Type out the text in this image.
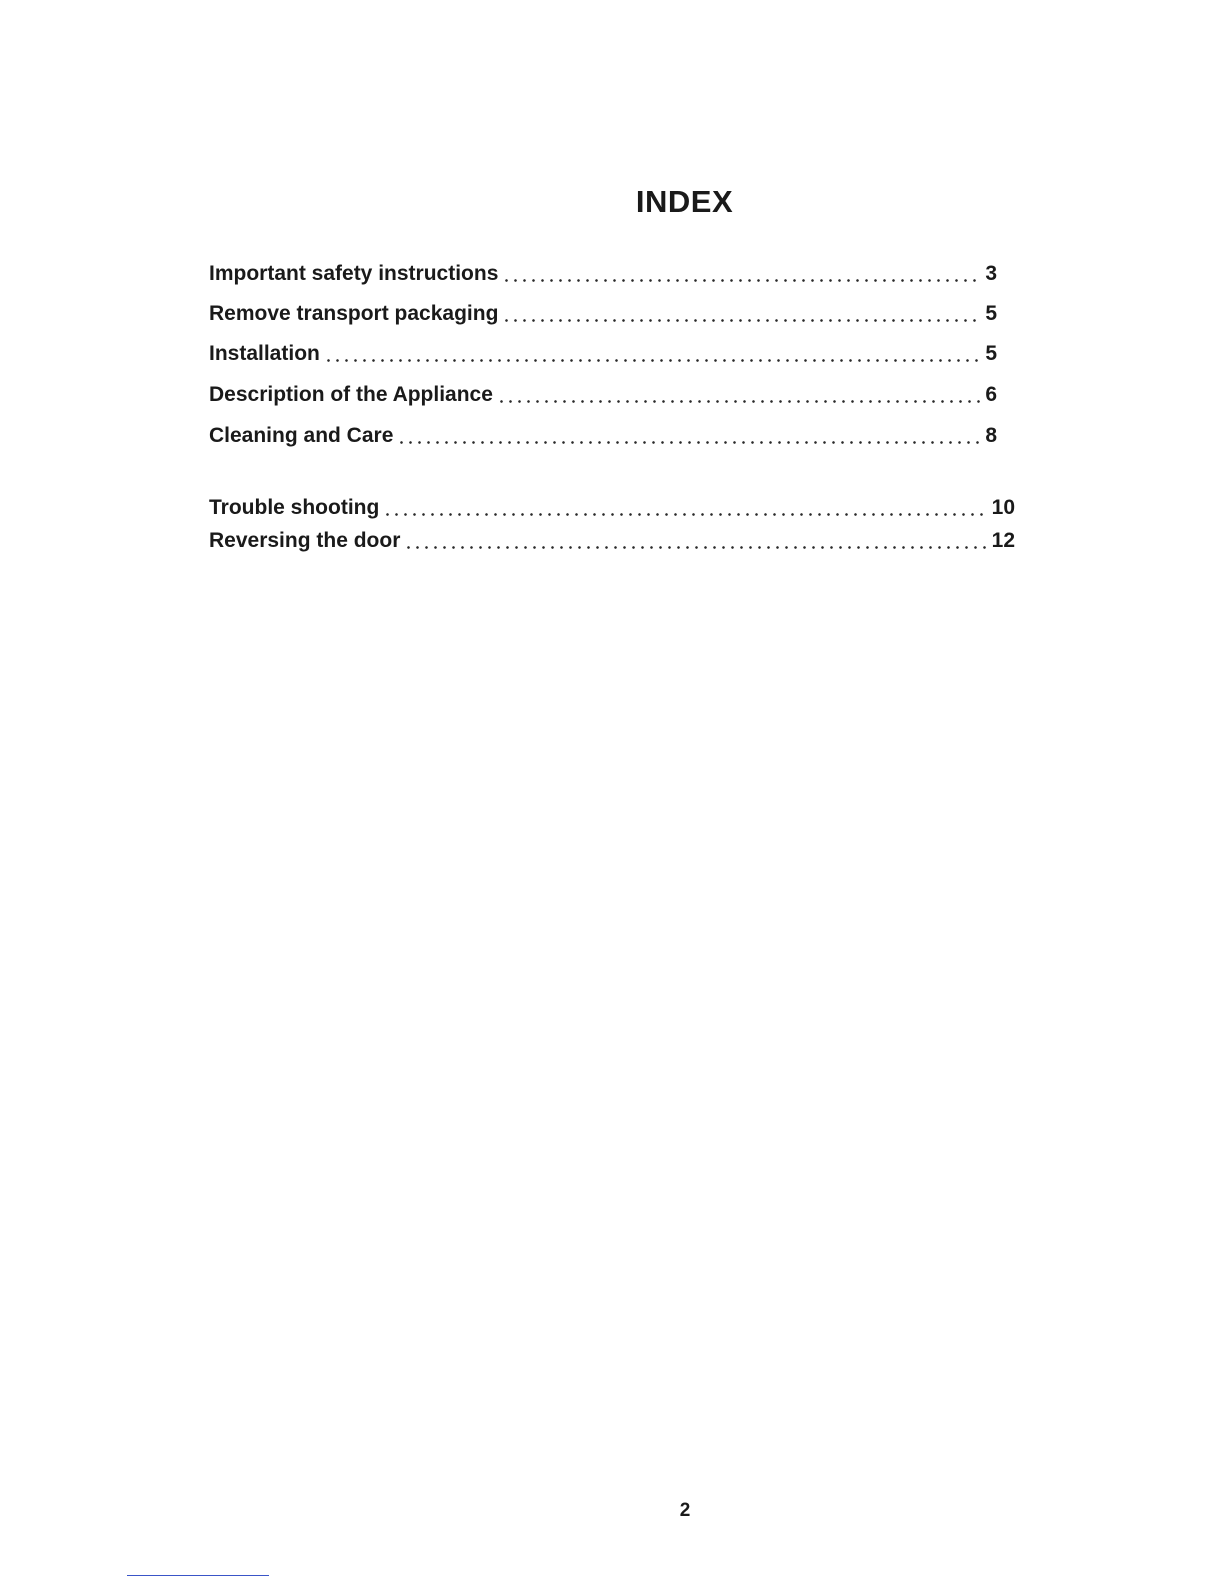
INDEX
Important safety instructions	3
Remove transport packaging	5
Installation	5
Description of the Appliance	6
Cleaning and Care	8
Trouble shooting	10
Reversing the door	12

2
